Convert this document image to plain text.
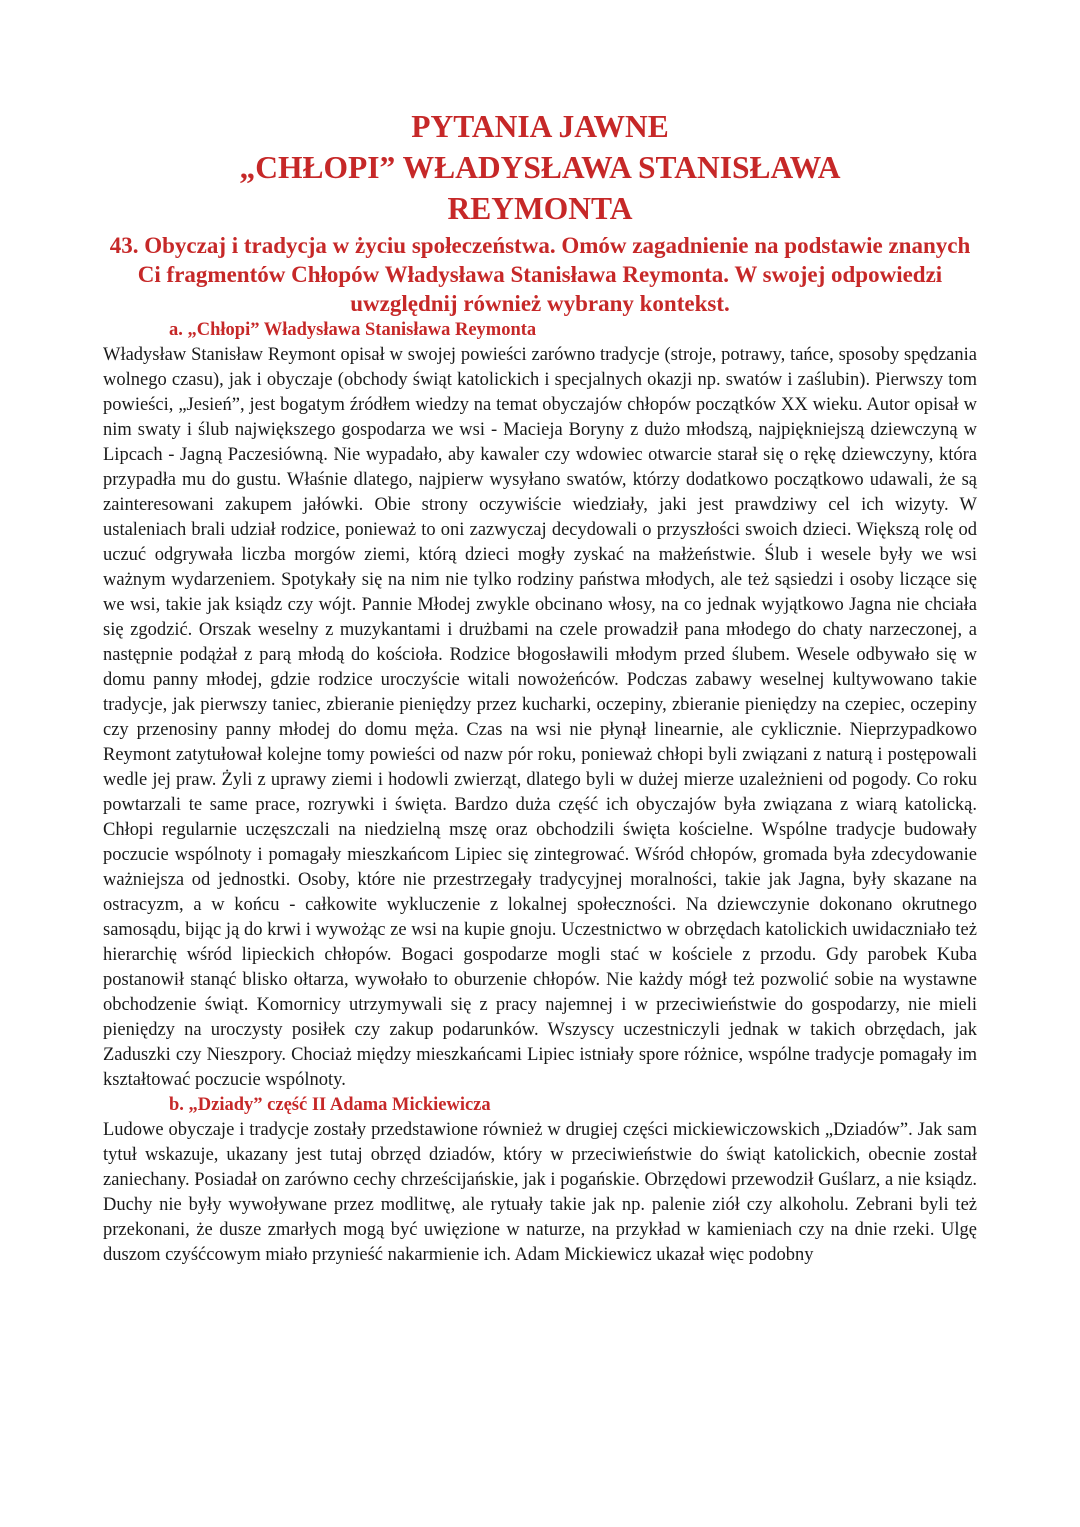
PYTANIA JAWNE
„CHŁOPI” WŁADYSŁAWA STANISŁAWA
REYMONTA
43. Obyczaj i tradycja w życiu społeczeństwa. Omów zagadnienie na podstawie znanych Ci fragmentów Chłopów Władysława Stanisława Reymonta. W swojej odpowiedzi uwzględnij również wybrany kontekst.
a. „Chłopi” Władysława Stanisława Reymonta

Władysław Stanisław Reymont opisał w swojej powieści zarówno tradycje (stroje, potrawy, tańce, sposoby spędzania wolnego czasu), jak i obyczaje (obchody świąt katolickich i specjalnych okazji np. swatów i zaślubin). Pierwszy tom powieści, „Jesień”, jest bogatym źródłem wiedzy na temat obyczajów chłopów początków XX wieku. Autor opisał w nim swaty i ślub największego gospodarza we wsi - Macieja Boryny z dużo młodszą, najpiękniejszą dziewczyną w Lipcach - Jagną Paczesiówną. Nie wypadało, aby kawaler czy wdowiec otwarcie starał się o rękę dziewczyny, która przypadła mu do gustu. Właśnie dlatego, najpierw wysyłano swatów, którzy dodatkowo początkowo udawali, że są zainteresowani zakupem jałówki. Obie strony oczywiście wiedziały, jaki jest prawdziwy cel ich wizyty. W ustaleniach brali udział rodzice, ponieważ to oni zazwyczaj decydowali o przyszłości swoich dzieci. Większą rolę od uczuć odgrywała liczba morgów ziemi, którą dzieci mogły zyskać na małżeństwie. Ślub i wesele były we wsi ważnym wydarzeniem. Spotykały się na nim nie tylko rodziny państwa młodych, ale też sąsiedzi i osoby liczące się we wsi, takie jak ksiądz czy wójt. Pannie Młodej zwykle obcinano włosy, na co jednak wyjątkowo Jagna nie chciała się zgodzić. Orszak weselny z muzykantami i drużbami na czele prowadził pana młodego do chaty narzeczonej, a następnie podążał z parą młodą do kościoła. Rodzice błogosławili młodym przed ślubem. Wesele odbywało się w domu panny młodej, gdzie rodzice uroczyście witali nowożeńców. Podczas zabawy weselnej kultywowano takie tradycje, jak pierwszy taniec, zbieranie pieniędzy przez kucharki, oczepiny, zbieranie pieniędzy na czepiec, oczepiny czy przenosiny panny młodej do domu męża. Czas na wsi nie płynął linearnie, ale cyklicznie. Nieprzypadkowo Reymont zatytułował kolejne tomy powieści od nazw pór roku, ponieważ chłopi byli związani z naturą i postępowali wedle jej praw. Żyli z uprawy ziemi i hodowli zwierząt, dlatego byli w dużej mierze uzależnieni od pogody. Co roku powtarzali te same prace, rozrywki i święta. Bardzo duża część ich obyczajów była związana z wiarą katolicką. Chłopi regularnie uczęszczali na niedzielną mszę oraz obchodzili święta kościelne. Wspólne tradycje budowały poczucie wspólnoty i pomagały mieszkańcom Lipiec się zintegrować. Wśród chłopów, gromada była zdecydowanie ważniejsza od jednostki. Osoby, które nie przestrzegały tradycyjnej moralności, takie jak Jagna, były skazane na ostracyzm, a w końcu - całkowite wykluczenie z lokalnej społeczności. Na dziewczynie dokonano okrutnego samosądu, bijąc ją do krwi i wywożąc ze wsi na kupie gnoju. Uczestnictwo w obrzędach katolickich uwidaczniało też hierarchię wśród lipieckich chłopów. Bogaci gospodarze mogli stać w kościele z przodu. Gdy parobek Kuba postanowił stanąć blisko ołtarza, wywołało to oburzenie chłopów. Nie każdy mógł też pozwolić sobie na wystawne obchodzenie świąt. Komornicy utrzymywali się z pracy najemnej i w przeciwieństwie do gospodarzy, nie mieli pieniędzy na uroczysty posiłek czy zakup podarunków. Wszyscy uczestniczyli jednak w takich obrzędach, jak Zaduszki czy Nieszpory. Chociaż między mieszkańcami Lipiec istniały spore różnice, wspólne tradycje pomagały im kształtować poczucie wspólnoty.

b. „Dziady” część II Adama Mickiewicza

Ludowe obyczaje i tradycje zostały przedstawione również w drugiej części mickiewiczowskich „Dziadów”. Jak sam tytuł wskazuje, ukazany jest tutaj obrzęd dziadów, który w przeciwieństwie do świąt katolickich, obecnie został zaniechany. Posiadał on zarówno cechy chrześcijańskie, jak i pogańskie. Obrzędowi przewodził Guślarz, a nie ksiądz. Duchy nie były wywoływane przez modlitwę, ale rytuały takie jak np. palenie ziół czy alkoholu. Zebrani byli też przekonani, że dusze zmarłych mogą być uwięzione w naturze, na przykład w kamieniach czy na dnie rzeki. Ulgę duszom czyśćcowym miało przynieść nakarmienie ich. Adam Mickiewicz ukazał więc podobny
